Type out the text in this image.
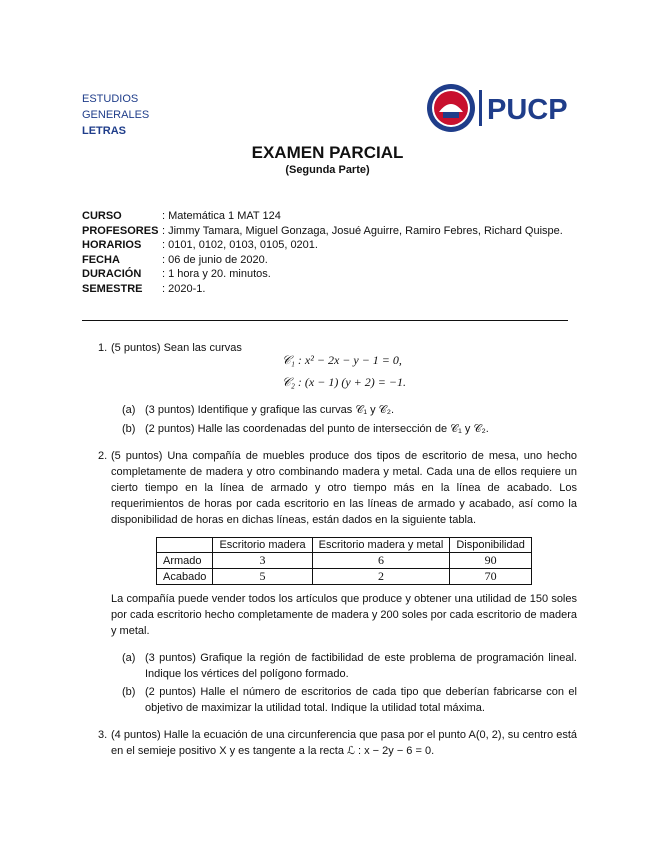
ESTUDIOS
GENERALES
LETRAS
PUCP
EXAMEN PARCIAL
(Segunda Parte)
CURSO	: Matemática 1 MAT 124
PROFESORES	: Jimmy Tamara, Miguel Gonzaga, Josué Aguirre, Ramiro Febres, Richard Quispe.
HORARIOS	: 0101, 0102, 0103, 0105, 0201.
FECHA	: 06 de junio de 2020.
DURACIÓN	: 1 hora y 20. minutos.
SEMESTRE	: 2020-1.
1. (5 puntos) Sean las curvas
𝒞₁ : x² − 2x − y − 1 = 0,
𝒞₂ : (x − 1) (y + 2) = −1.
(a) (3 puntos) Identifique y grafique las curvas 𝒞₁ y 𝒞₂.
(b) (2 puntos) Halle las coordenadas del punto de intersección de 𝒞₁ y 𝒞₂.
2. (5 puntos) Una compañía de muebles produce dos tipos de escritorio de mesa, uno hecho completamente de madera y otro combinando madera y metal. Cada una de ellos requiere un cierto tiempo en la línea de armado y otro tiempo más en la línea de acabado. Los requerimientos de horas por cada escritorio en las líneas de armado y acabado, así como la disponibilidad de horas en dichas líneas, están dados en la siguiente tabla.
	Escritorio madera	Escritorio madera y metal	Disponibilidad
Armado	3	6	90
Acabado	5	2	70
La compañía puede vender todos los artículos que produce y obtener una utilidad de 150 soles por cada escritorio hecho completamente de madera y 200 soles por cada escritorio de madera y metal.
(a) (3 puntos) Grafique la región de factibilidad de este problema de programación lineal. Indique los vértices del polígono formado.
(b) (2 puntos) Halle el número de escritorios de cada tipo que deberían fabricarse con el objetivo de maximizar la utilidad total. Indique la utilidad total máxima.
3. (4 puntos) Halle la ecuación de una circunferencia que pasa por el punto A(0, 2), su centro está en el semieje positivo X y es tangente a la recta ℒ : x − 2y − 6 = 0.
